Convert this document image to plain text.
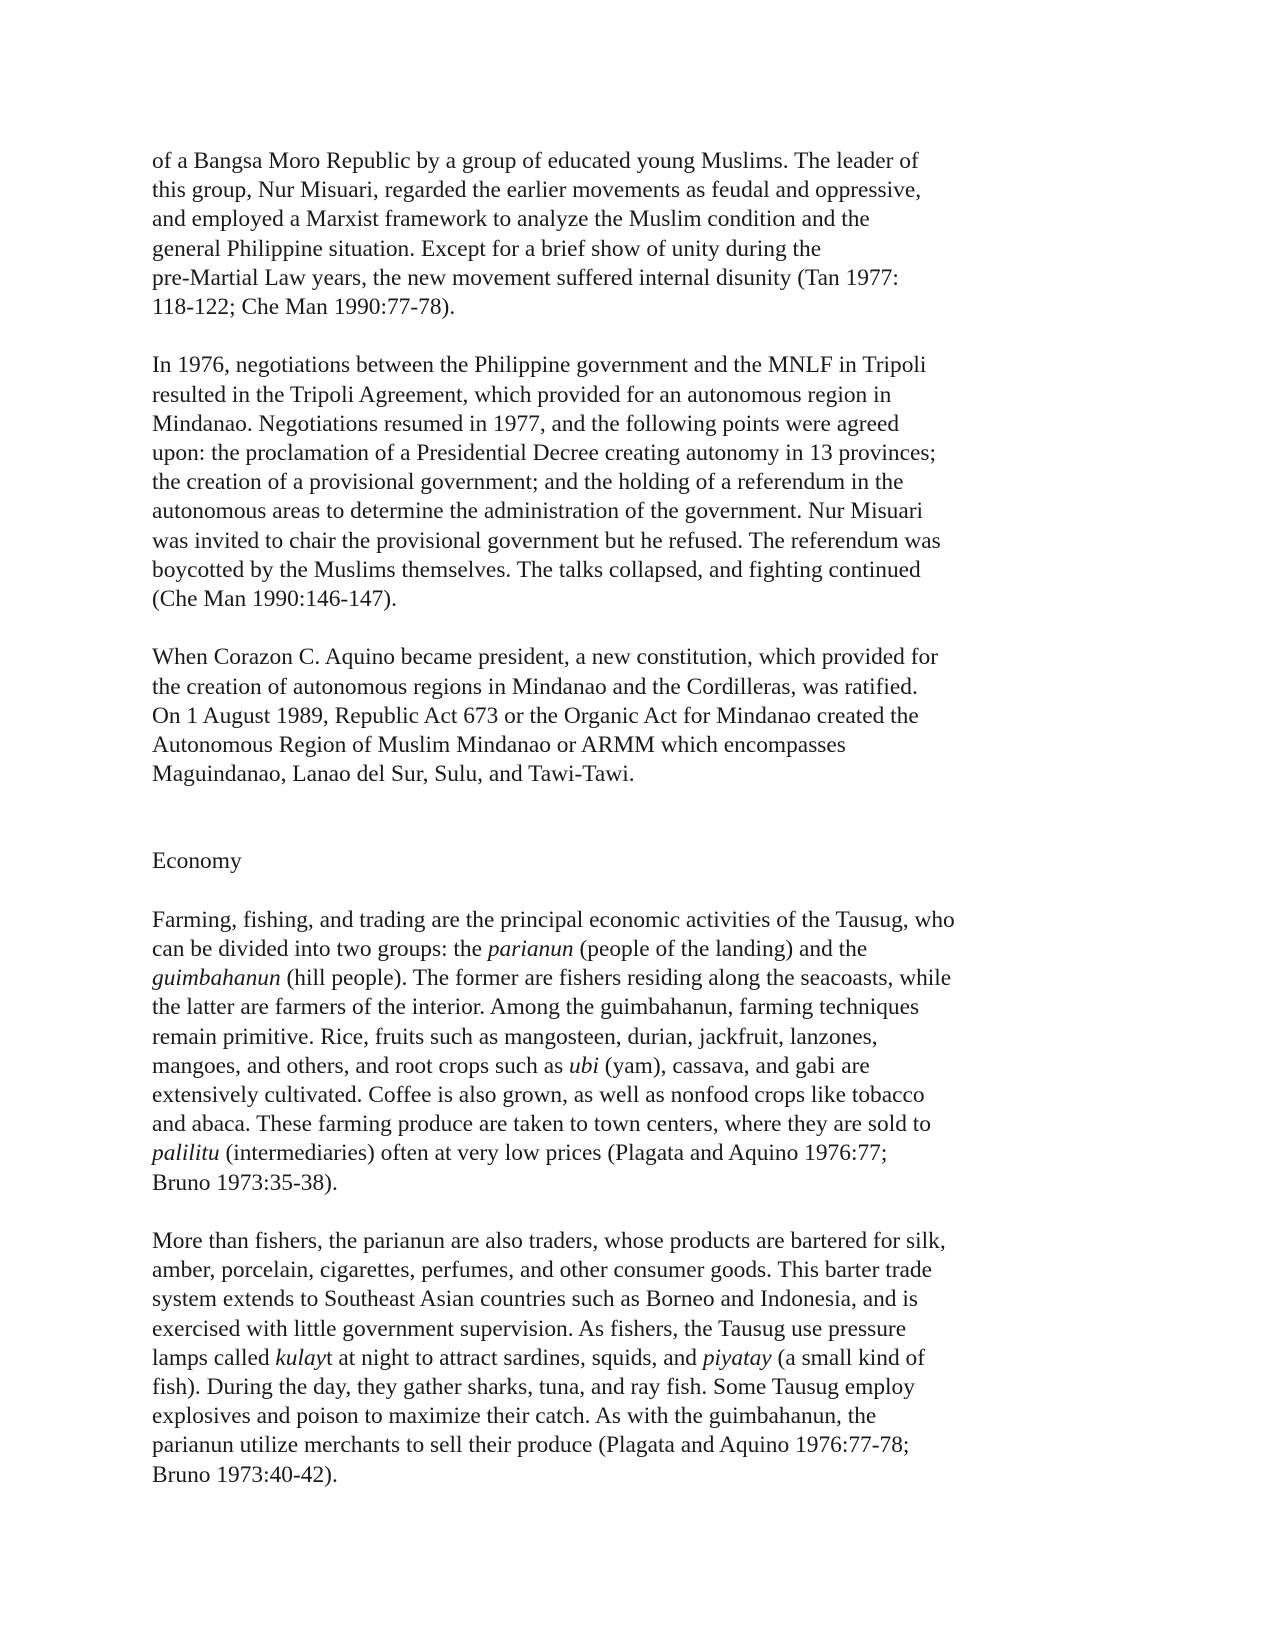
of a Bangsa Moro Republic by a group of educated young Muslims. The leader of
this group, Nur Misuari, regarded the earlier movements as feudal and oppressive,
and employed a Marxist framework to analyze the Muslim condition and the
general Philippine situation. Except for a brief show of unity during the
pre-Martial Law years, the new movement suffered internal disunity (Tan 1977:
118-122; Che Man 1990:77-78).

In 1976, negotiations between the Philippine government and the MNLF in Tripoli
resulted in the Tripoli Agreement, which provided for an autonomous region in
Mindanao. Negotiations resumed in 1977, and the following points were agreed
upon: the proclamation of a Presidential Decree creating autonomy in 13 provinces;
the creation of a provisional government; and the holding of a referendum in the
autonomous areas to determine the administration of the government. Nur Misuari
was invited to chair the provisional government but he refused. The referendum was
boycotted by the Muslims themselves. The talks collapsed, and fighting continued
(Che Man 1990:146-147).

When Corazon C. Aquino became president, a new constitution, which provided for
the creation of autonomous regions in Mindanao and the Cordilleras, was ratified.
On 1 August 1989, Republic Act 673 or the Organic Act for Mindanao created the
Autonomous Region of Muslim Mindanao or ARMM which encompasses
Maguindanao, Lanao del Sur, Sulu, and Tawi-Tawi.

Economy

Farming, fishing, and trading are the principal economic activities of the Tausug, who
can be divided into two groups: the parianun (people of the landing) and the
guimbahanun (hill people). The former are fishers residing along the seacoasts, while
the latter are farmers of the interior. Among the guimbahanun, farming techniques
remain primitive. Rice, fruits such as mangosteen, durian, jackfruit, lanzones,
mangoes, and others, and root crops such as ubi (yam), cassava, and gabi are
extensively cultivated. Coffee is also grown, as well as nonfood crops like tobacco
and abaca. These farming produce are taken to town centers, where they are sold to
palilitu (intermediaries) often at very low prices (Plagata and Aquino 1976:77;
Bruno 1973:35-38).

More than fishers, the parianun are also traders, whose products are bartered for silk,
amber, porcelain, cigarettes, perfumes, and other consumer goods. This barter trade
system extends to Southeast Asian countries such as Borneo and Indonesia, and is
exercised with little government supervision. As fishers, the Tausug use pressure
lamps called kulayt at night to attract sardines, squids, and piyatay (a small kind of
fish). During the day, they gather sharks, tuna, and ray fish. Some Tausug employ
explosives and poison to maximize their catch. As with the guimbahanun, the
parianun utilize merchants to sell their produce (Plagata and Aquino 1976:77-78;
Bruno 1973:40-42).
